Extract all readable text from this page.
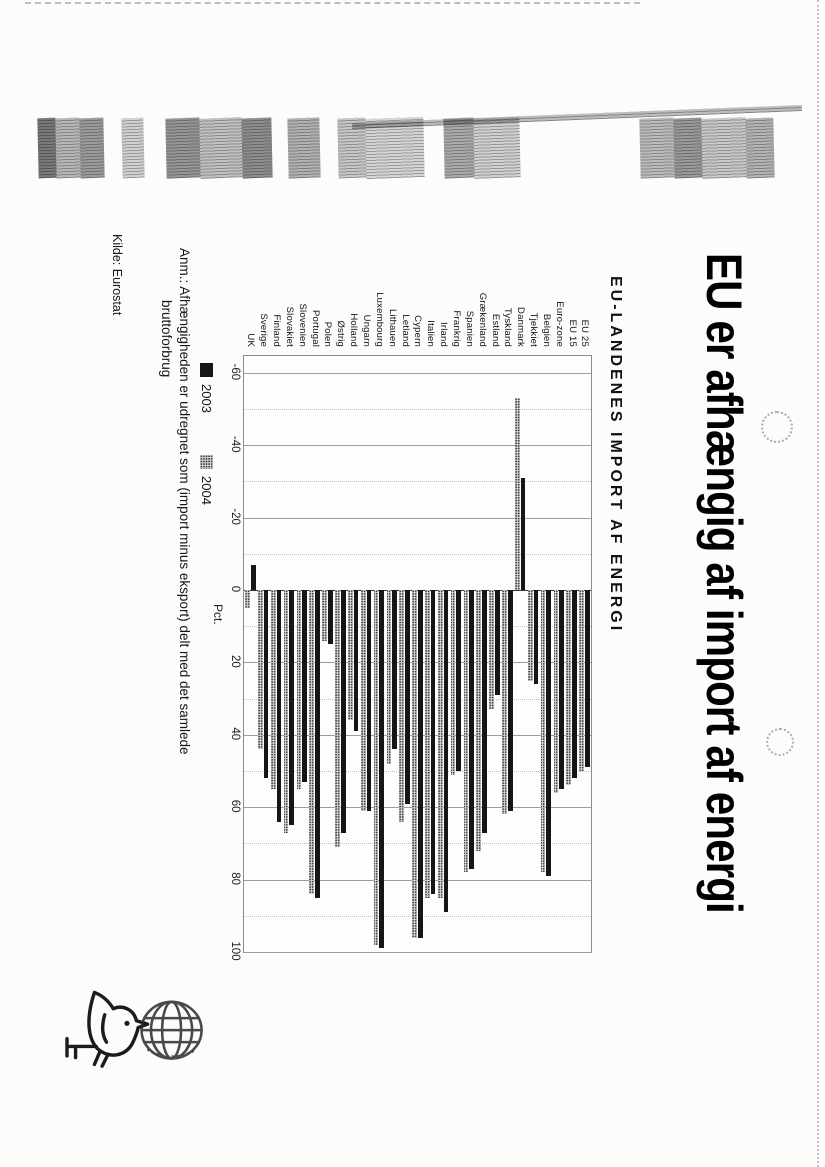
EU er afhængig af import af energi
EU-LANDENES IMPORT AF ENERGI
EU 25
EU 15
Euro-zone
Belgien
Tjekkiet
Danmark
Tyskland
Estland
Grækenland
Spanien
Frankrig
Irland
Italien
Cypern
Letland
Lithauen
Luxembourg
Ungarn
Holland
Østrig
Polen
Portugal
Slovenien
Slovakiet
Finland
Sverige
UK
-60
-40
-20
0
20
40
60
80
100
Pct.
2003
2004
Anm.: Afhængigheden er udregnet som (import minus eksport) delt med det samlede
bruttoforbrug
Kilde: Eurostat
